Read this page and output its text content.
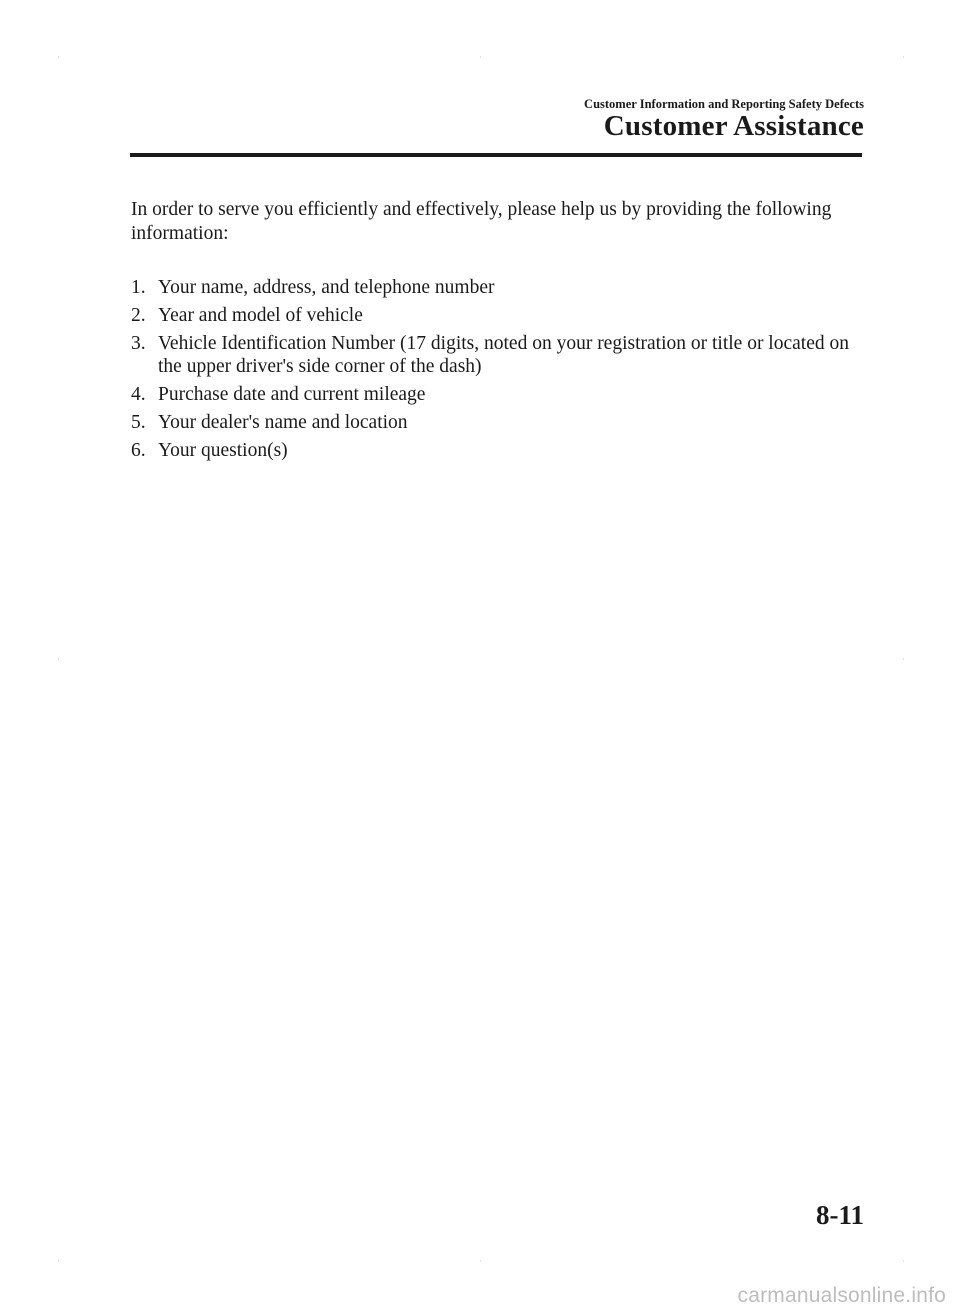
·	·	·
·	·
·	·	·
Customer Information and Reporting Safety Defects
Customer Assistance

In order to serve you efficiently and effectively, please help us by providing the following information:

1. Your name, address, and telephone number
2. Year and model of vehicle
3. Vehicle Identification Number (17 digits, noted on your registration or title or located on the upper driver's side corner of the dash)
4. Purchase date and current mileage
5. Your dealer's name and location
6. Your question(s)
8-11
carmanualsonline.info
